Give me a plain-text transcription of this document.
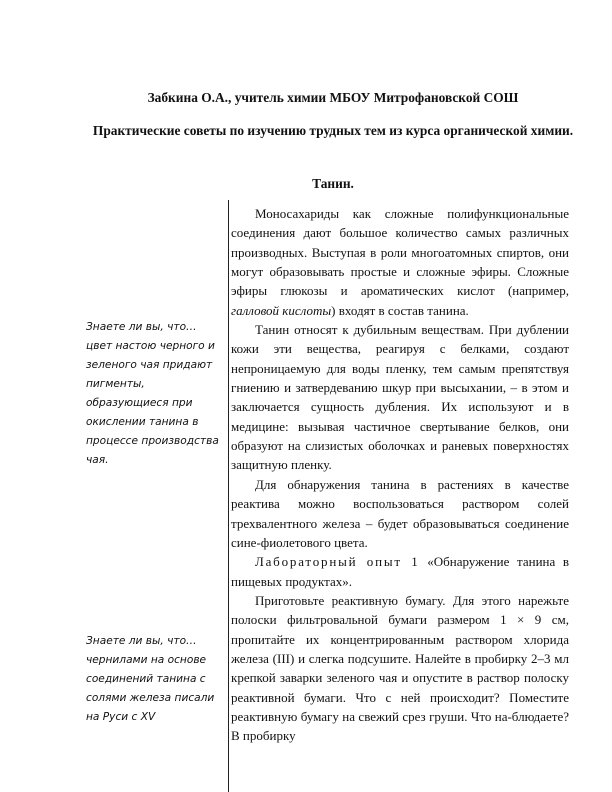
Забкина О.А., учитель химии МБОУ Митрофановской СОШ

Практические советы по изучению трудных тем из курса органической химии.

Танин.

Знаете ли вы, что… цвет настою черного и зеленого чая придают пигменты, образующиеся при окислении танина в процессе производства чая.

Знаете ли вы, что… чернилами на основе соединений танина с солями железа писали на Руси с XV

Моносахариды как сложные полифункциональные соединения дают большое количество самых различных производных. Выступая в роли многоатомных спиртов, они могут образовывать простые и сложные эфиры. Сложные эфиры глюкозы и ароматических кислот (например, галловой кислоты) входят в состав танина.

Танин относят к дубильным веществам. При дублении кожи эти вещества, реагируя с белками, создают непроницаемую для воды пленку, тем самым препятствуя гниению и затвердеванию шкур при высыхании, – в этом и заключается сущность дубления. Их используют и в медицине: вызывая частичное свертывание белков, они образуют на слизистых оболочках и раневых поверхностях защитную пленку.

Для обнаружения танина в растениях в качестве реактива можно воспользоваться раствором солей трехвалентного железа – будет образовываться соединение сине-фиолетового цвета.

Лабораторный опыт 1 «Обнаружение танина в пищевых продуктах».

Приготовьте реактивную бумагу. Для этого нарежьте полоски фильтровальной бумаги размером 1 × 9 см, пропитайте их концентрированным раствором хлорида железа (III) и слегка подсушите. Налейте в пробирку 2–3 мл крепкой заварки зеленого чая и опустите в раствор полоску реактивной бумаги. Что с ней происходит? Поместите реактивную бумагу на свежий срез груши. Что на-блюдаете? В пробирку
